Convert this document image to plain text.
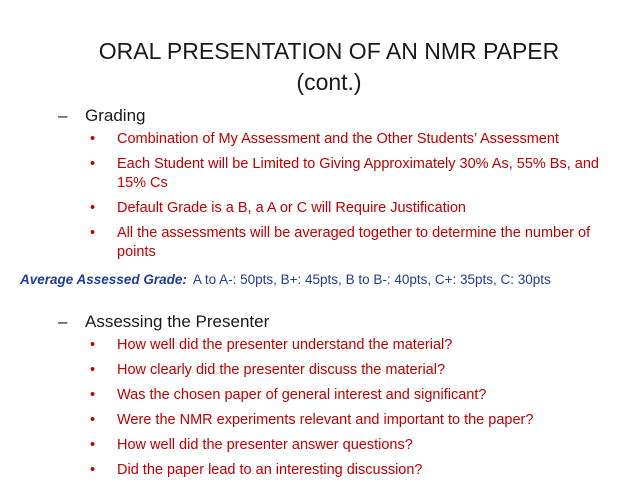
ORAL PRESENTATION OF AN NMR PAPER
(cont.)
– Grading
• Combination of My Assessment and the Other Students’ Assessment
• Each Student will be Limited to Giving Approximately 30% As, 55% Bs, and 15% Cs
• Default Grade is a B, a A or C will Require Justification
• All the assessments will be averaged together to determine the number of points
Average Assessed Grade: A to A-: 50pts, B+: 45pts, B to B-: 40pts, C+: 35pts, C: 30pts
– Assessing the Presenter
• How well did the presenter understand the material?
• How clearly did the presenter discuss the material?
• Was the chosen paper of general interest and significant?
• Were the NMR experiments relevant and important to the paper?
• How well did the presenter answer questions?
• Did the paper lead to an interesting discussion?
